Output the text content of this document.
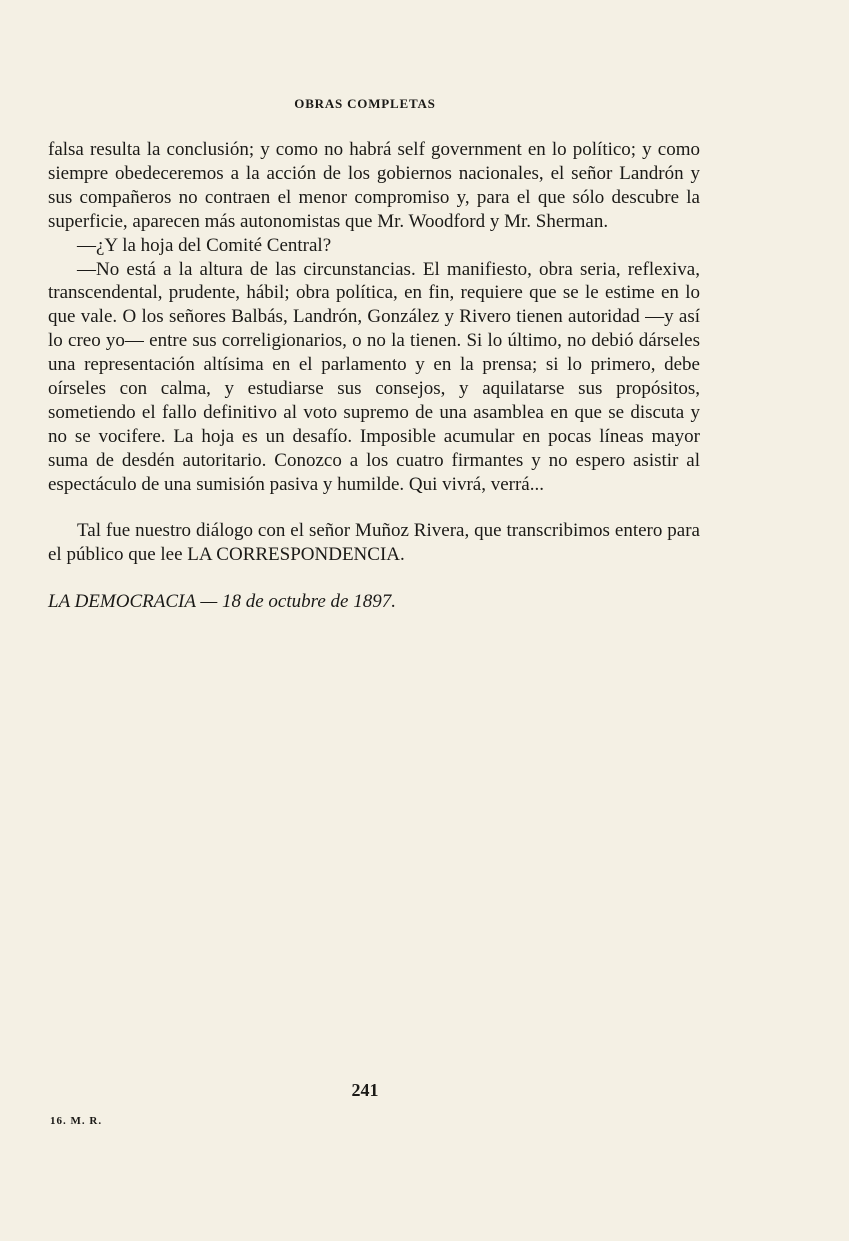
OBRAS COMPLETAS

falsa resulta la conclusión; y como no habrá self government en lo político; y como siempre obedeceremos a la acción de los gobiernos nacionales, el señor Landrón y sus compañeros no contraen el menor compromiso y, para el que sólo descubre la superficie, aparecen más autonomistas que Mr. Woodford y Mr. Sherman.

—¿Y la hoja del Comité Central?

—No está a la altura de las circunstancias. El manifiesto, obra seria, reflexiva, transcendental, prudente, hábil; obra política, en fin, requiere que se le estime en lo que vale. O los señores Balbás, Landrón, González y Rivero tienen autoridad —y así lo creo yo— entre sus correligionarios, o no la tienen. Si lo último, no debió dárseles una representación altísima en el parlamento y en la prensa; si lo primero, debe oírseles con calma, y estudiarse sus consejos, y aquilatarse sus propósitos, sometiendo el fallo definitivo al voto supremo de una asamblea en que se discuta y no se vocifere. La hoja es un desafío. Imposible acumular en pocas líneas mayor suma de desdén autoritario. Conozco a los cuatro firmantes y no espero asistir al espectáculo de una sumisión pasiva y humilde. Qui vivrá, verrá...

Tal fue nuestro diálogo con el señor Muñoz Rivera, que transcribimos entero para el público que lee LA CORRESPONDENCIA.

LA DEMOCRACIA — 18 de octubre de 1897.

241
16. M. R.
